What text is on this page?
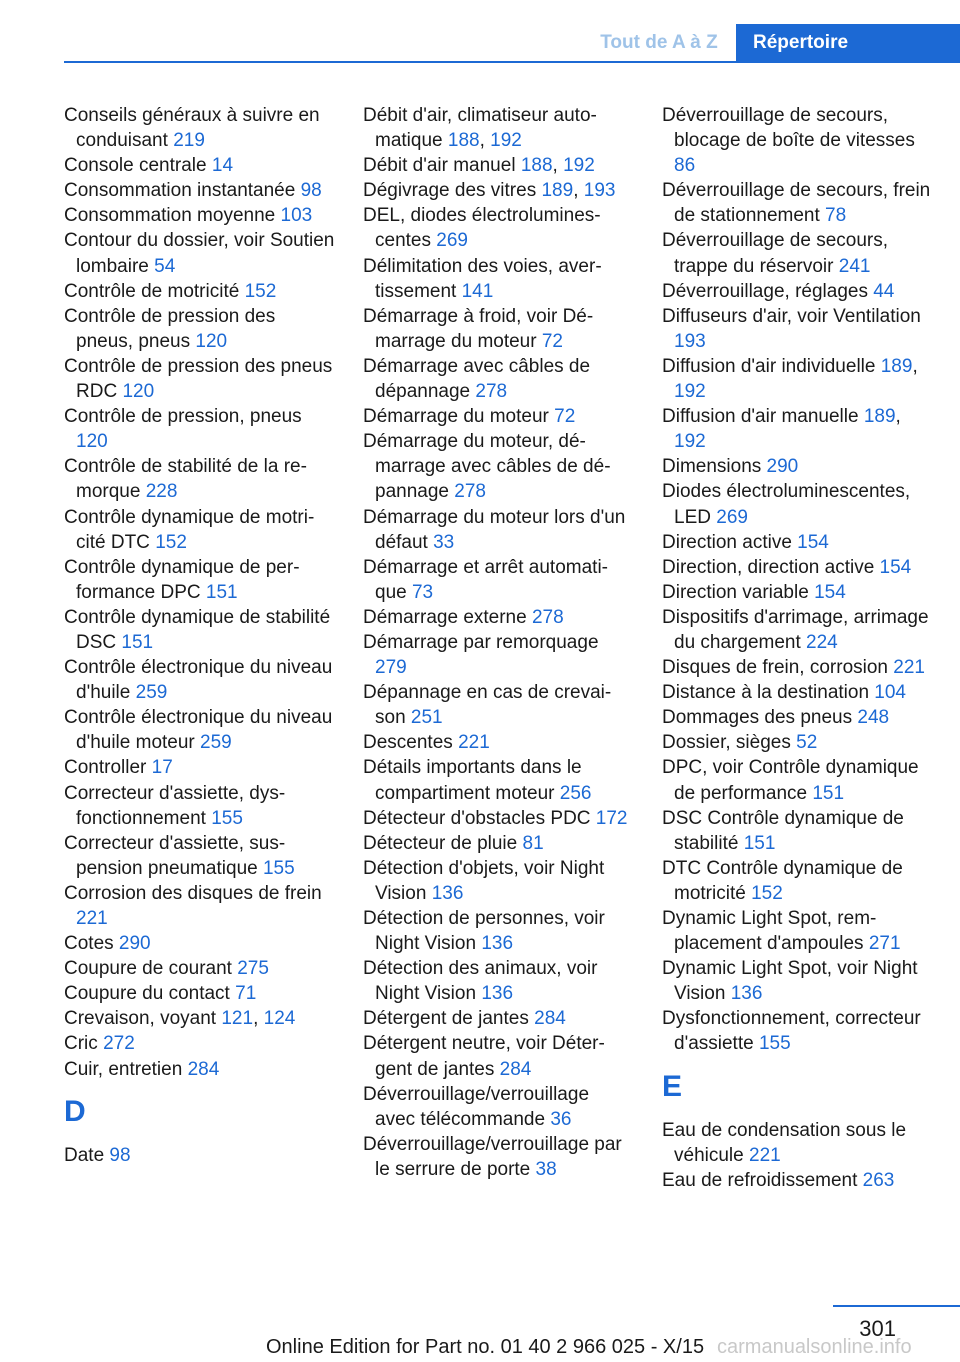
Tout de A à Z	Répertoire

Conseils généraux à suivre en conduisant 219

Console centrale 14

Consommation instantanée 98

Consommation moyenne 103

Contour du dossier, voir Soutien lombaire 54

Contrôle de motricité 152

Contrôle de pression des pneus, pneus 120

Contrôle de pression des pneus RDC 120

Contrôle de pression, pneus 120

Contrôle de stabilité de la remorque 228

Contrôle dynamique de motricité DTC 152

Contrôle dynamique de performance DPC 151

Contrôle dynamique de stabilité DSC 151

Contrôle électronique du niveau d'huile 259

Contrôle électronique du niveau d'huile moteur 259

Controller 17

Correcteur d'assiette, dysfonctionnement 155

Correcteur d'assiette, suspension pneumatique 155

Corrosion des disques de frein 221

Cotes 290

Coupure de courant 275

Coupure du contact 71

Crevaison, voyant 121, 124

Cric 272

Cuir, entretien 284

D

Date 98

Débit d'air, climatiseur automatique 188, 192

Débit d'air manuel 188, 192

Dégivrage des vitres 189, 193

DEL, diodes électroluminescentes 269

Délimitation des voies, avertissement 141

Démarrage à froid, voir Démarrage du moteur 72

Démarrage avec câbles de dépannage 278

Démarrage du moteur 72

Démarrage du moteur, démarrage avec câbles de dépannage 278

Démarrage du moteur lors d'un défaut 33

Démarrage et arrêt automatique 73

Démarrage externe 278

Démarrage par remorquage 279

Dépannage en cas de crevaison 251

Descentes 221

Détails importants dans le compartiment moteur 256

Détecteur d'obstacles PDC 172

Détecteur de pluie 81

Détection d'objets, voir Night Vision 136

Détection de personnes, voir Night Vision 136

Détection des animaux, voir Night Vision 136

Détergent de jantes 284

Détergent neutre, voir Détergent de jantes 284

Déverrouillage/verrouillage avec télécommande 36

Déverrouillage/verrouillage par le serrure de porte 38

Déverrouillage de secours, blocage de boîte de vitesses 86

Déverrouillage de secours, frein de stationnement 78

Déverrouillage de secours, trappe du réservoir 241

Déverrouillage, réglages 44

Diffuseurs d'air, voir Ventilation 193

Diffusion d'air individuelle 189, 192

Diffusion d'air manuelle 189, 192

Dimensions 290

Diodes électroluminescentes, LED 269

Direction active 154

Direction, direction active 154

Direction variable 154

Dispositifs d'arrimage, arrimage du chargement 224

Disques de frein, corrosion 221

Distance à la destination 104

Dommages des pneus 248

Dossier, sièges 52

DPC, voir Contrôle dynamique de performance 151

DSC Contrôle dynamique de stabilité 151

DTC Contrôle dynamique de motricité 152

Dynamic Light Spot, remplacement d'ampoules 271

Dynamic Light Spot, voir Night Vision 136

Dysfonctionnement, correcteur d'assiette 155

E

Eau de condensation sous le véhicule 221

Eau de refroidissement 263

301
Online Edition for Part no. 01 40 2 966 025 - X/15 carmanualsonline.info
